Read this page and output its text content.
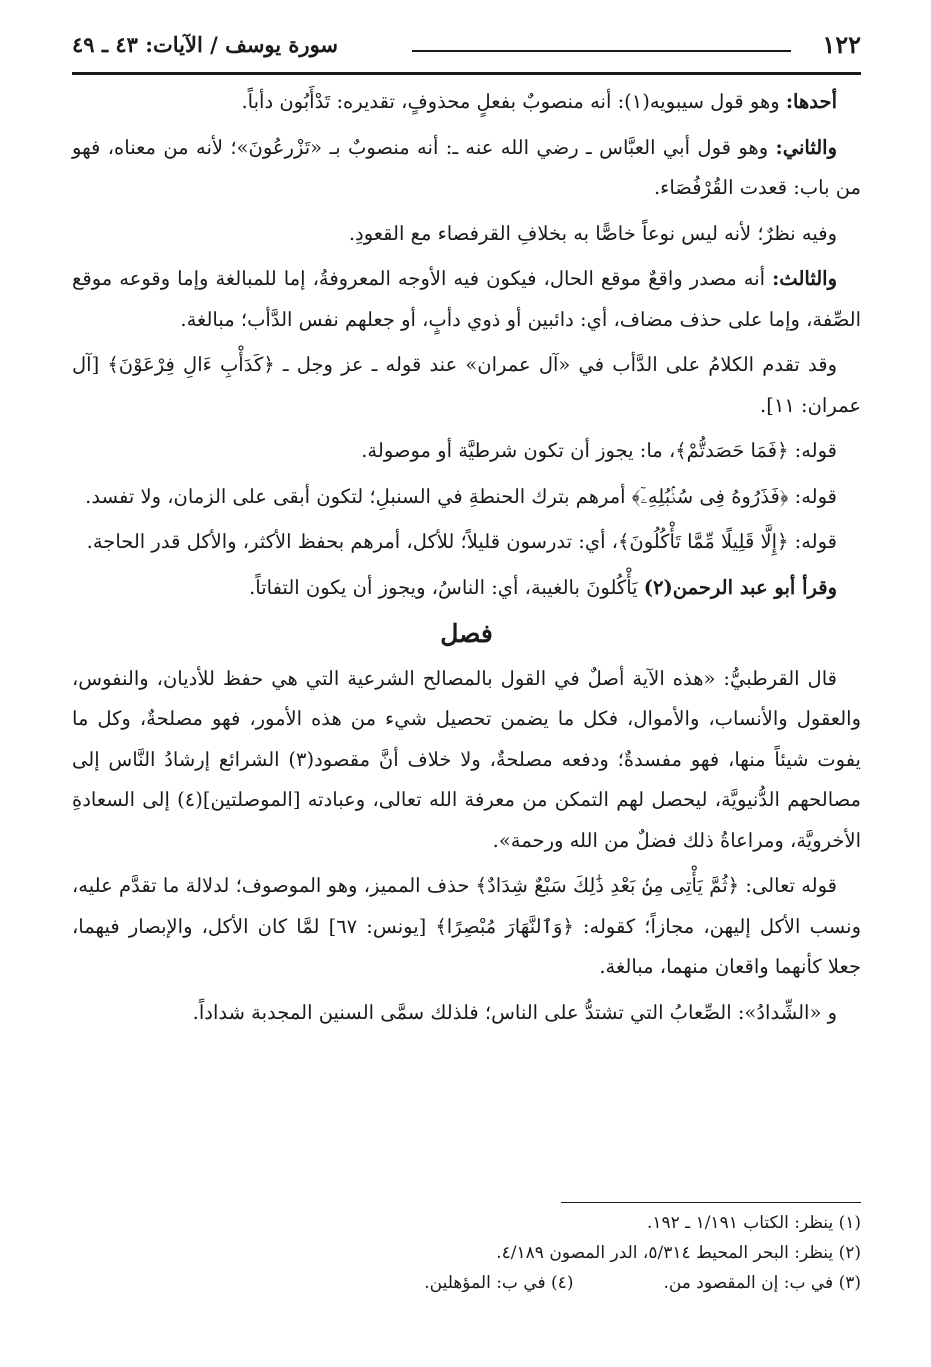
١٢٢
سورة يوسف / الآيات: ٤٣ ـ ٤٩

أحدها: وهو قول سيبويه(١): أنه منصوبٌ بفعلٍ محذوفٍ، تقديره: تَدْأَبُون دأباً.

والثاني: وهو قول أبي العبَّاس ـ رضي الله عنه ـ: أنه منصوبٌ بـ «تَزْرعُونَ»؛ لأنه من معناه، فهو من باب: قعدت القُرْفُصَاء.

وفيه نظرٌ؛ لأنه ليس نوعاً خاصًّا به بخلافِ القرفصاء مع القعودِ.

والثالث: أنه مصدر واقعٌ موقع الحال، فيكون فيه الأوجه المعروفةُ، إما للمبالغة وإما وقوعه موقع الصِّفة، وإما على حذف مضاف، أي: دائبين أو ذوي دأبٍ، أو جعلهم نفس الدَّأب؛ مبالغة.

وقد تقدم الكلامُ على الدَّأب في «آل عمران» عند قوله ـ عز وجل ـ ﴿كَدَأْبِ ءَالِ فِرْعَوْنَ﴾ [آل عمران: ١١].

قوله: ﴿فَمَا حَصَدتُّمْ﴾، ما: يجوز أن تكون شرطيَّة أو موصولة.

قوله: ﴿فَذَرُوهُ فِى سُنۢبُلِهِۦٓ﴾ أمرهم بترك الحنطةِ في السنبلِ؛ لتكون أبقى على الزمان، ولا تفسد.

قوله: ﴿إِلَّا قَلِيلًا مِّمَّا تَأْكُلُونَ﴾، أي: تدرسون قليلاً؛ للأكل، أمرهم بحفظ الأكثر، والأكل قدر الحاجة.

وقرأ أبو عبد الرحمن(٢) يَأْكُلونَ بالغيبة، أي: الناسُ، ويجوز أن يكون التفاتاً.

فصل

قال القرطبيُّ: «هذه الآية أصلٌ في القول بالمصالح الشرعية التي هي حفظ للأديان، والنفوس، والعقول والأنساب، والأموال، فكل ما يضمن تحصيل شيء من هذه الأمور، فهو مصلحةٌ، وكل ما يفوت شيئاً منها، فهو مفسدةٌ؛ ودفعه مصلحةٌ، ولا خلاف أنَّ مقصود(٣) الشرائع إرشادُ النَّاس إلى مصالحهم الدُّنيويَّة، ليحصل لهم التمكن من معرفة الله تعالى، وعبادته [الموصلتين](٤) إلى السعادةِ الأخرويَّة، ومراعاةُ ذلك فضلٌ من الله ورحمة».

قوله تعالى: ﴿ثُمَّ يَأْتِى مِنۢ بَعْدِ ذَٰلِكَ سَبْعٌ شِدَادٌ﴾ حذف المميز، وهو الموصوف؛ لدلالة ما تقدَّم عليه، ونسب الأكل إليهن، مجازاً؛ كقوله: ﴿وَٱلنَّهَارَ مُبْصِرًا﴾ [يونس: ٦٧] لمَّا كان الأكل، والإبصار فيهما، جعلا كأنهما واقعان منهما، مبالغة.

و «الشِّدادُ»: الصِّعابُ التي تشتدُّ على الناس؛ فلذلك سمَّى السنين المجدبة شداداً.

(١) ينظر: الكتاب ١/١٩١ ـ ١٩٢.

(٢) ينظر: البحر المحيط ٥/٣١٤، الدر المصون ٤/١٨٩.

(٣) في ب: إن المقصود من.

(٤) في ب: المؤهلين.
